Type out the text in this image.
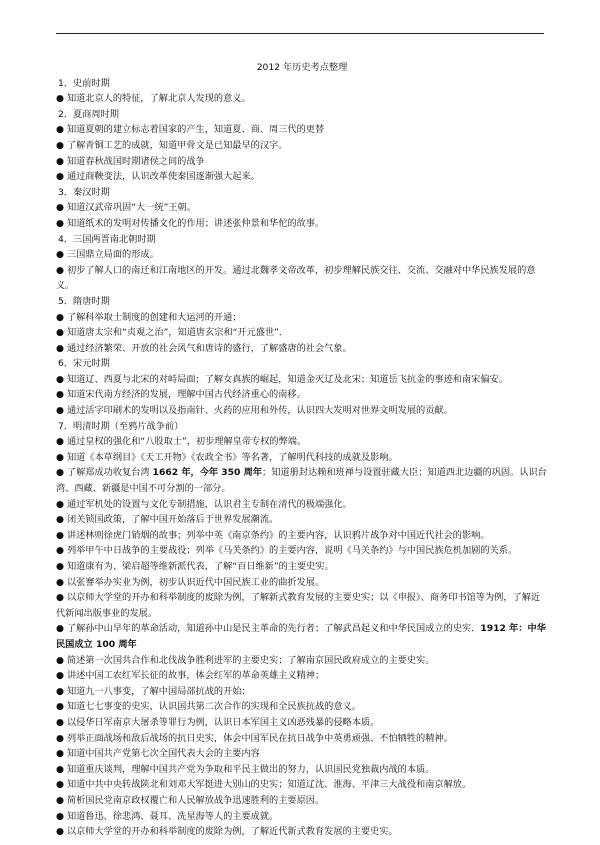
2012 年历史考点整理

1．史前时期

● 知道北京人的特征，了解北京人发现的意义。

2．夏商周时期

● 知道夏朝的建立标志着国家的产生，知道夏、商、周三代的更替

● 了解青铜工艺的成就，知道甲骨文是已知最早的汉字。

● 知道春秋战国时期诸侯之间的战争

● 通过商鞅变法，认识改革使秦国逐渐强大起来。

3．秦汉时期

● 知道汉武帝巩固“大一统”王朝。

● 知道纸术的发明对传播文化的作用；讲述张仲景和华佗的故事。

4．三国两晋南北朝时期

● 三国鼎立局面的形成。

● 初步了解人口的南迁和江南地区的开发。通过北魏孝文帝改革，初步理解民族交往、交流、交融对中华民族发展的意义。

5．隋唐时期

● 了解科举取士制度的创建和大运河的开通；

● 知道唐太宗和“贞观之治”，知道唐玄宗和“开元盛世”．

● 通过经济繁荣、开放的社会风气和唐诗的盛行，了解盛唐的社会气象。

6．宋元时期

● 知道辽、西夏与北宋的对峙局面；了解女真族的崛起，知道金灭辽及北宋；知道岳飞抗金的事迹和南宋偏安。

● 知道宋代南方经济的发展，理解中国古代经济重心的南移。

● 通过活字印刷术的发明以及指南针、火药的应用和外传，认识四大发明对世界文明发展的贡献。

7．明清时期（至鸦片战争前）

● 通过皇权的强化和“八股取士”，初步理解皇帝专权的弊端。

● 知道《本草纲目》《天工开物》《农政全书》等名著，了解明代科技的成就及影响。

● 了解郑成功收复台湾 1662 年，今年 350 周年；知道册封达赖和班禅与设置驻藏大臣；知道西北边疆的巩固。认识台湾、西藏、新疆是中国不可分割的一部分。

● 通过军机处的设置与文化专制措施，认识君主专制在清代的极端强化。

● 闭关锁国政策，了解中国开始落后于世界发展潮流。

● 讲述林则徐虎门销烟的故事；列举中英《南京条约》的主要内容，认识鸦片战争对中国近代社会的影响。

● 列举甲午中日战争的主要战役；列举《马关条约》的主要内容，说明《马关条约》与中国民族危机加剧的关系。

● 知道康有为、梁启超等维新派代表，了解“百日维新”的主要史实。

● 以张謇举办实业为例，初步认识近代中国民族工业的曲折发展。

● 以京师大学堂的开办和科举制度的废除为例，了解新式教育发展的主要史实；以《申报》、商务印书馆等为例，了解近代新闻出版事业的发展。

● 了解孙中山早年的革命活动，知道孙中山是民主革命的先行者；了解武昌起义和中华民国成立的史实．1912 年：中华民国成立 100 周年

● 简述第一次国共合作和北伐战争胜利进军的主要史实；了解南京国民政府成立的主要史实。

● 讲述中国工农红军长征的故事，体会红军的革命英雄主义精神；

● 知道九一八事变，了解中国局部抗战的开始；

● 知道七七事变的史实，认识国共第二次合作的实现和全民族抗战的意义。

● 以侵华日军南京大屠杀等罪行为例，认识日本军国主义凶恶残暴的侵略本质。

● 列举正面战场和敌后战场的抗日史实，体会中国军民在抗日战争中英勇顽强、不怕牺牲的精神。

● 知道中国共产党第七次全国代表大会的主要内容

● 知道重庆谈判，理解中国共产党为争取和平民主做出的努力，认识国民党独裁内战的本质。

● 知道中共中央转战陕北和刘邓大军挺进大别山的史实；知道辽沈、淮海、平津三大战役和南京解放。

● 简析国民党南京政权覆亡和人民解放战争迅速胜利的主要原因。

● 知道鲁迅、徐悲鸿、聂耳、冼星海等人的主要成就。

● 以京师大学堂的开办和科举制度的废除为例，了解近代新式教育发展的主要史实。
